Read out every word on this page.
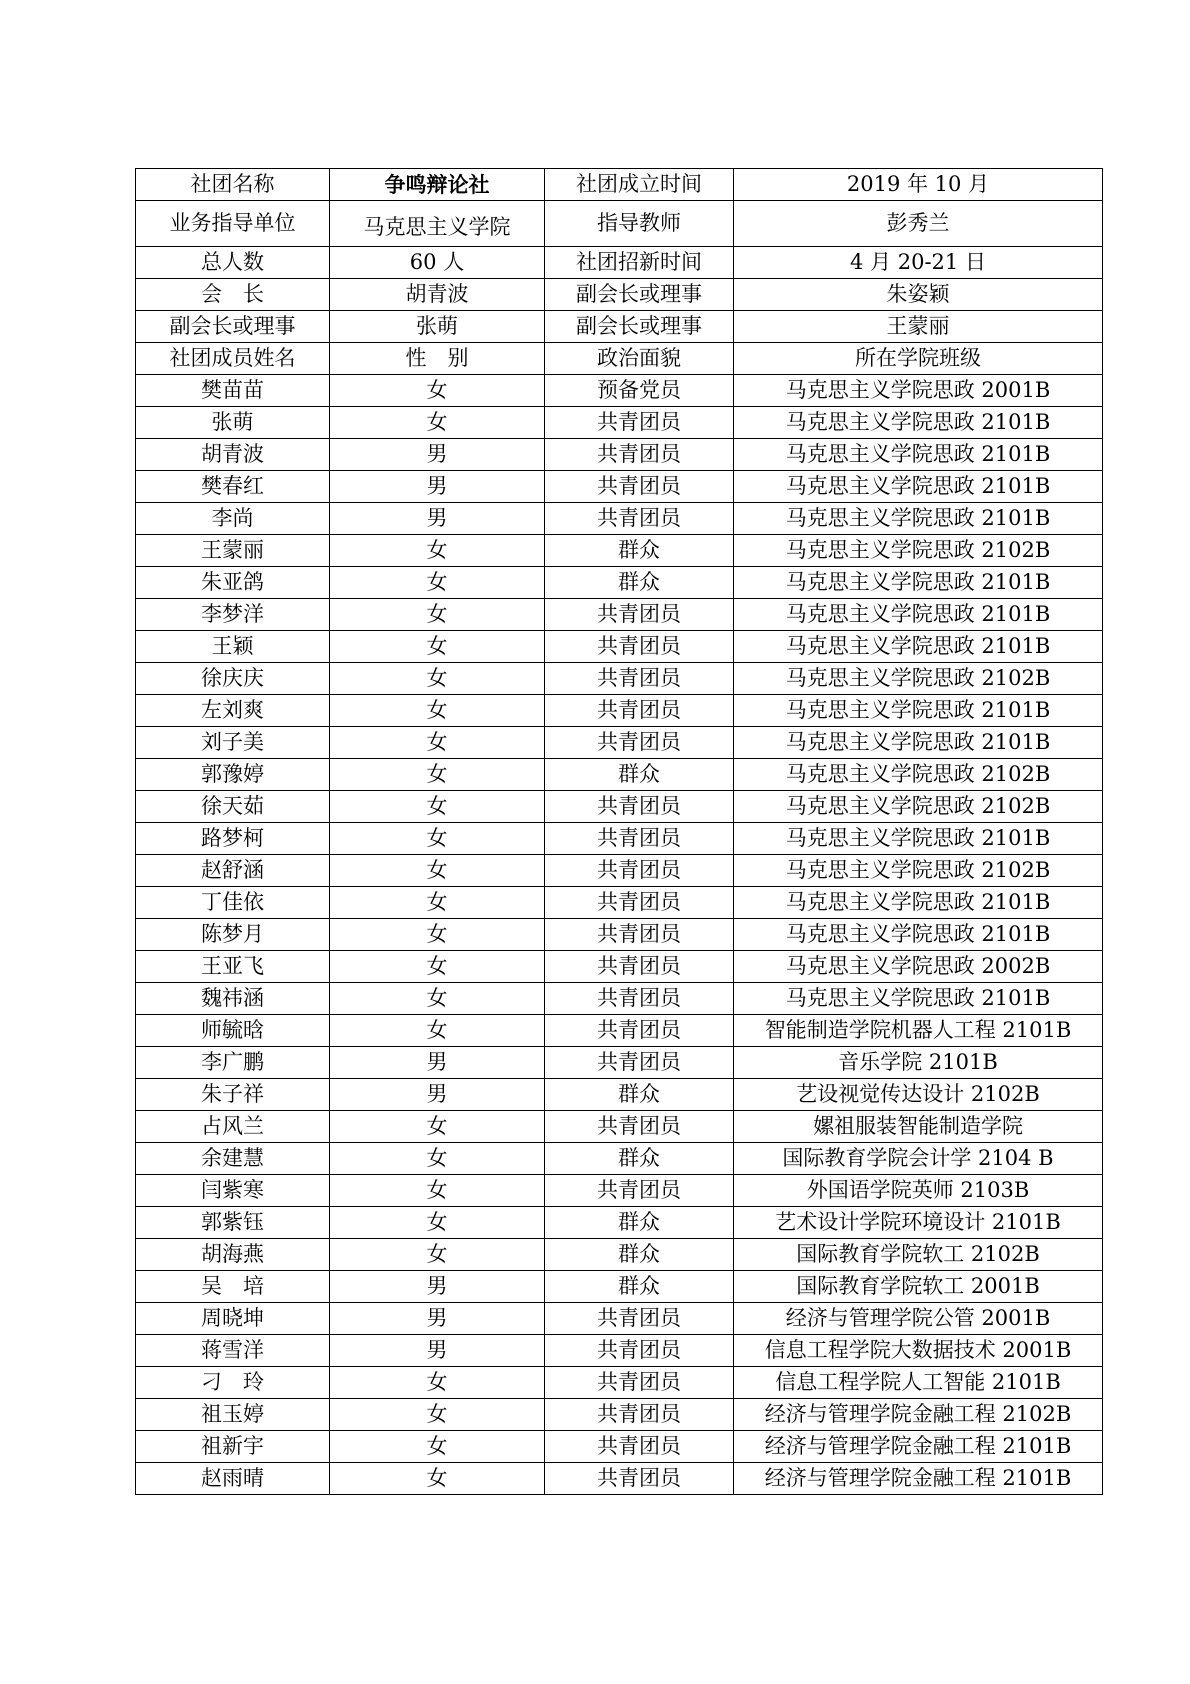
社团名称	争鸣辩论社	社团成立时间	2019 年 10 月
业务指导单位	马克思主义学院	指导教师	彭秀兰
总人数	60 人	社团招新时间	4 月 20-21 日
会　长	胡青波	副会长或理事	朱姿颖
副会长或理事	张萌	副会长或理事	王蒙丽
社团成员姓名	性　别	政治面貌	所在学院班级
樊苗苗	女	预备党员	马克思主义学院思政 2001B
张萌	女	共青团员	马克思主义学院思政 2101B
胡青波	男	共青团员	马克思主义学院思政 2101B
樊春红	男	共青团员	马克思主义学院思政 2101B
李尚	男	共青团员	马克思主义学院思政 2101B
王蒙丽	女	群众	马克思主义学院思政 2102B
朱亚鸽	女	群众	马克思主义学院思政 2101B
李梦洋	女	共青团员	马克思主义学院思政 2101B
王颖	女	共青团员	马克思主义学院思政 2101B
徐庆庆	女	共青团员	马克思主义学院思政 2102B
左刘爽	女	共青团员	马克思主义学院思政 2101B
刘子美	女	共青团员	马克思主义学院思政 2101B
郭豫婷	女	群众	马克思主义学院思政 2102B
徐天茹	女	共青团员	马克思主义学院思政 2102B
路梦柯	女	共青团员	马克思主义学院思政 2101B
赵舒涵	女	共青团员	马克思主义学院思政 2102B
丁佳依	女	共青团员	马克思主义学院思政 2101B
陈梦月	女	共青团员	马克思主义学院思政 2101B
王亚飞	女	共青团员	马克思主义学院思政 2002B
魏祎涵	女	共青团员	马克思主义学院思政 2101B
师毓晗	女	共青团员	智能制造学院机器人工程 2101B
李广鹏	男	共青团员	音乐学院 2101B
朱子祥	男	群众	艺设视觉传达设计 2102B
占风兰	女	共青团员	嫘祖服装智能制造学院
余建慧	女	群众	国际教育学院会计学 2104 B
闫紫寒	女	共青团员	外国语学院英师 2103B
郭紫钰	女	群众	艺术设计学院环境设计 2101B
胡海燕	女	群众	国际教育学院软工 2102B
吴　培	男	群众	国际教育学院软工 2001B
周晓坤	男	共青团员	经济与管理学院公管 2001B
蒋雪洋	男	共青团员	信息工程学院大数据技术 2001B
刁　玲	女	共青团员	信息工程学院人工智能 2101B
祖玉婷	女	共青团员	经济与管理学院金融工程 2102B
祖新宇	女	共青团员	经济与管理学院金融工程 2101B
赵雨晴	女	共青团员	经济与管理学院金融工程 2101B
